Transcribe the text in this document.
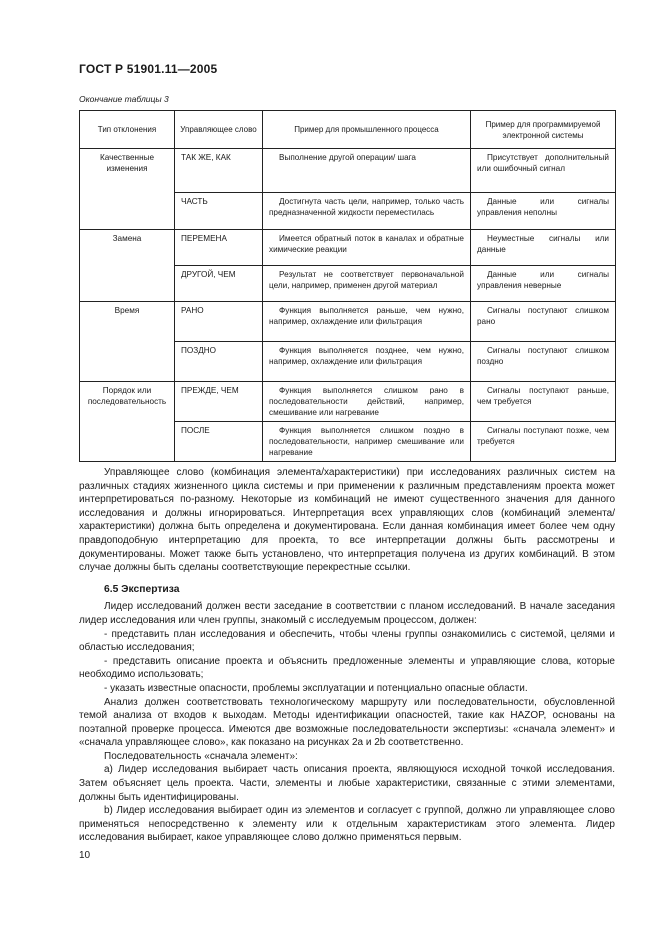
ГОСТ Р 51901.11—2005
Окончание таблицы 3
Тип отклонения	Управляющее слово	Пример для промышленного процесса	Пример для программируемой электронной системы
Качественные изменения	ТАК ЖЕ, КАК	Выполнение другой операции/ шага	Присутствует дополнительный или ошибочный сигнал
	ЧАСТЬ	Достигнута часть цели, например, только часть предназначенной жидкости переместилась	Данные или сигналы управления неполны
Замена	ПЕРЕМЕНА	Имеется обратный поток в каналах и обратные химические реакции	Неуместные сигналы или данные
	ДРУГОЙ, ЧЕМ	Результат не соответствует первоначальной цели, например, применен другой материал	Данные или сигналы управления неверные
Время	РАНО	Функция выполняется раньше, чем нужно, например, охлаждение или фильтрация	Сигналы поступают слишком рано
	ПОЗДНО	Функция выполняется позднее, чем нужно, например, охлаждение или фильтрация	Сигналы поступают слишком поздно
Порядок или последовательность	ПРЕЖДЕ, ЧЕМ	Функция выполняется слишком рано в последовательности действий, например, смешивание или нагревание	Сигналы поступают раньше, чем требуется
	ПОСЛЕ	Функция выполняется слишком поздно в последовательности, например смешивание или нагревание	Сигналы поступают позже, чем требуется

Управляющее слово (комбинация элемента/характеристики) при исследованиях различных систем на различных стадиях жизненного цикла системы и при применении к различным представлениям проекта может интерпретироваться по-разному. Некоторые из комбинаций не имеют существенного значения для данного исследования и должны игнорироваться. Интерпретация всех управляющих слов (комбинаций элемента/ характеристики) должна быть определена и документирована. Если данная комбинация имеет более чем одну правдоподобную интерпретацию для проекта, то все интерпретации должны быть рассмотрены и документированы. Может также быть установлено, что интерпретация получена из других комбинаций. В этом случае должны быть сделаны соответствующие перекрестные ссылки.

6.5 Экспертиза

Лидер исследований должен вести заседание в соответствии с планом исследований. В начале заседания лидер исследования или член группы, знакомый с исследуемым процессом, должен:

- представить план исследования и обеспечить, чтобы члены группы ознакомились с системой, целями и областью исследования;

- представить описание проекта и объяснить предложенные элементы и управляющие слова, которые необходимо использовать;

- указать известные опасности, проблемы эксплуатации и потенциально опасные области.

Анализ должен соответствовать технологическому маршруту или последовательности, обусловленной темой анализа от входов к выходам. Методы идентификации опасностей, такие как HAZOP, основаны на поэтапной проверке процесса. Имеются две возможные последовательности экспертизы: «сначала элемент» и «сначала управляющее слово», как показано на рисунках 2а и 2b соответственно.

Последовательность «сначала элемент»:

а) Лидер исследования выбирает часть описания проекта, являющуюся исходной точкой исследования. Затем объясняет цель проекта. Части, элементы и любые характеристики, связанные с этими элементами, должны быть идентифицированы.

b) Лидер исследования выбирает один из элементов и согласует с группой, должно ли управляющее слово применяться непосредственно к элементу или к отдельным характеристикам этого элемента. Лидер исследования выбирает, какое управляющее слово должно применяться первым.

10
